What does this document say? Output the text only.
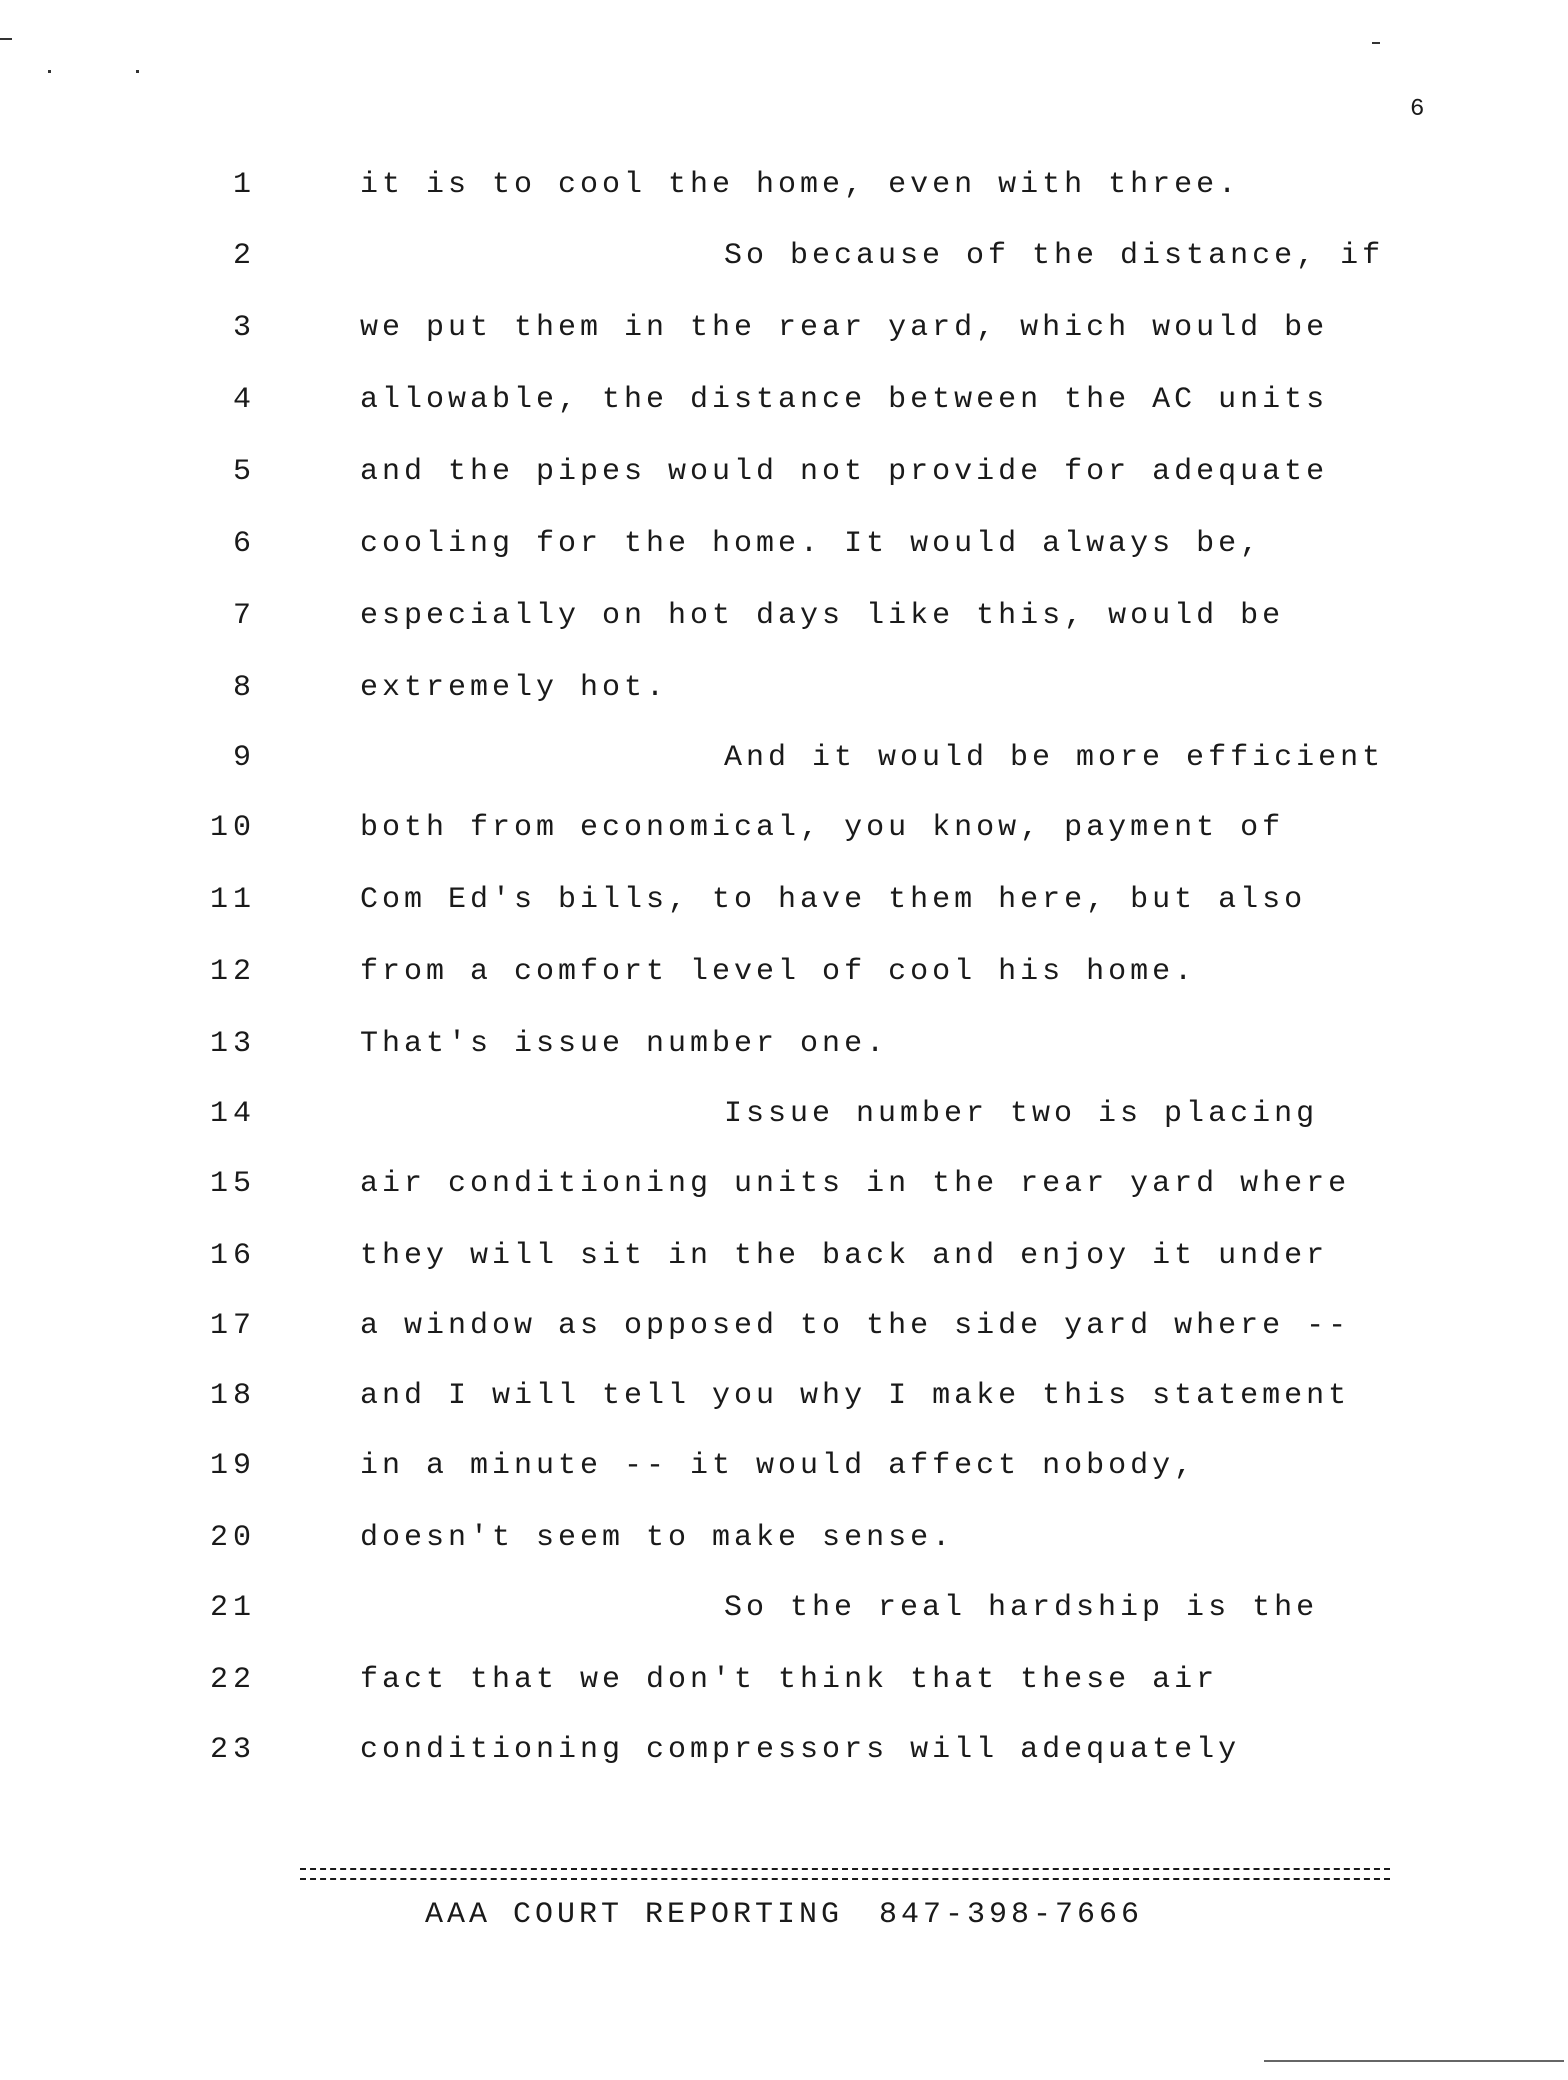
6
1	it is to cool the home, even with three.
2	So because of the distance, if
3	we put them in the rear yard, which would be
4	allowable, the distance between the AC units
5	and the pipes would not provide for adequate
6	cooling for the home. It would always be,
7	especially on hot days like this, would be
8	extremely hot.
9	And it would be more efficient
10	both from economical, you know, payment of
11	Com Ed's bills, to have them here, but also
12	from a comfort level of cool his home.
13	That's issue number one.
14	Issue number two is placing
15	air conditioning units in the rear yard where
16	they will sit in the back and enjoy it under
17	a window as opposed to the side yard where --
18	and I will tell you why I make this statement
19	in a minute -- it would affect nobody,
20	doesn't seem to make sense.
21	So the real hardship is the
22	fact that we don't think that these air
23	conditioning compressors will adequately
AAA COURT REPORTING 847-398-7666
